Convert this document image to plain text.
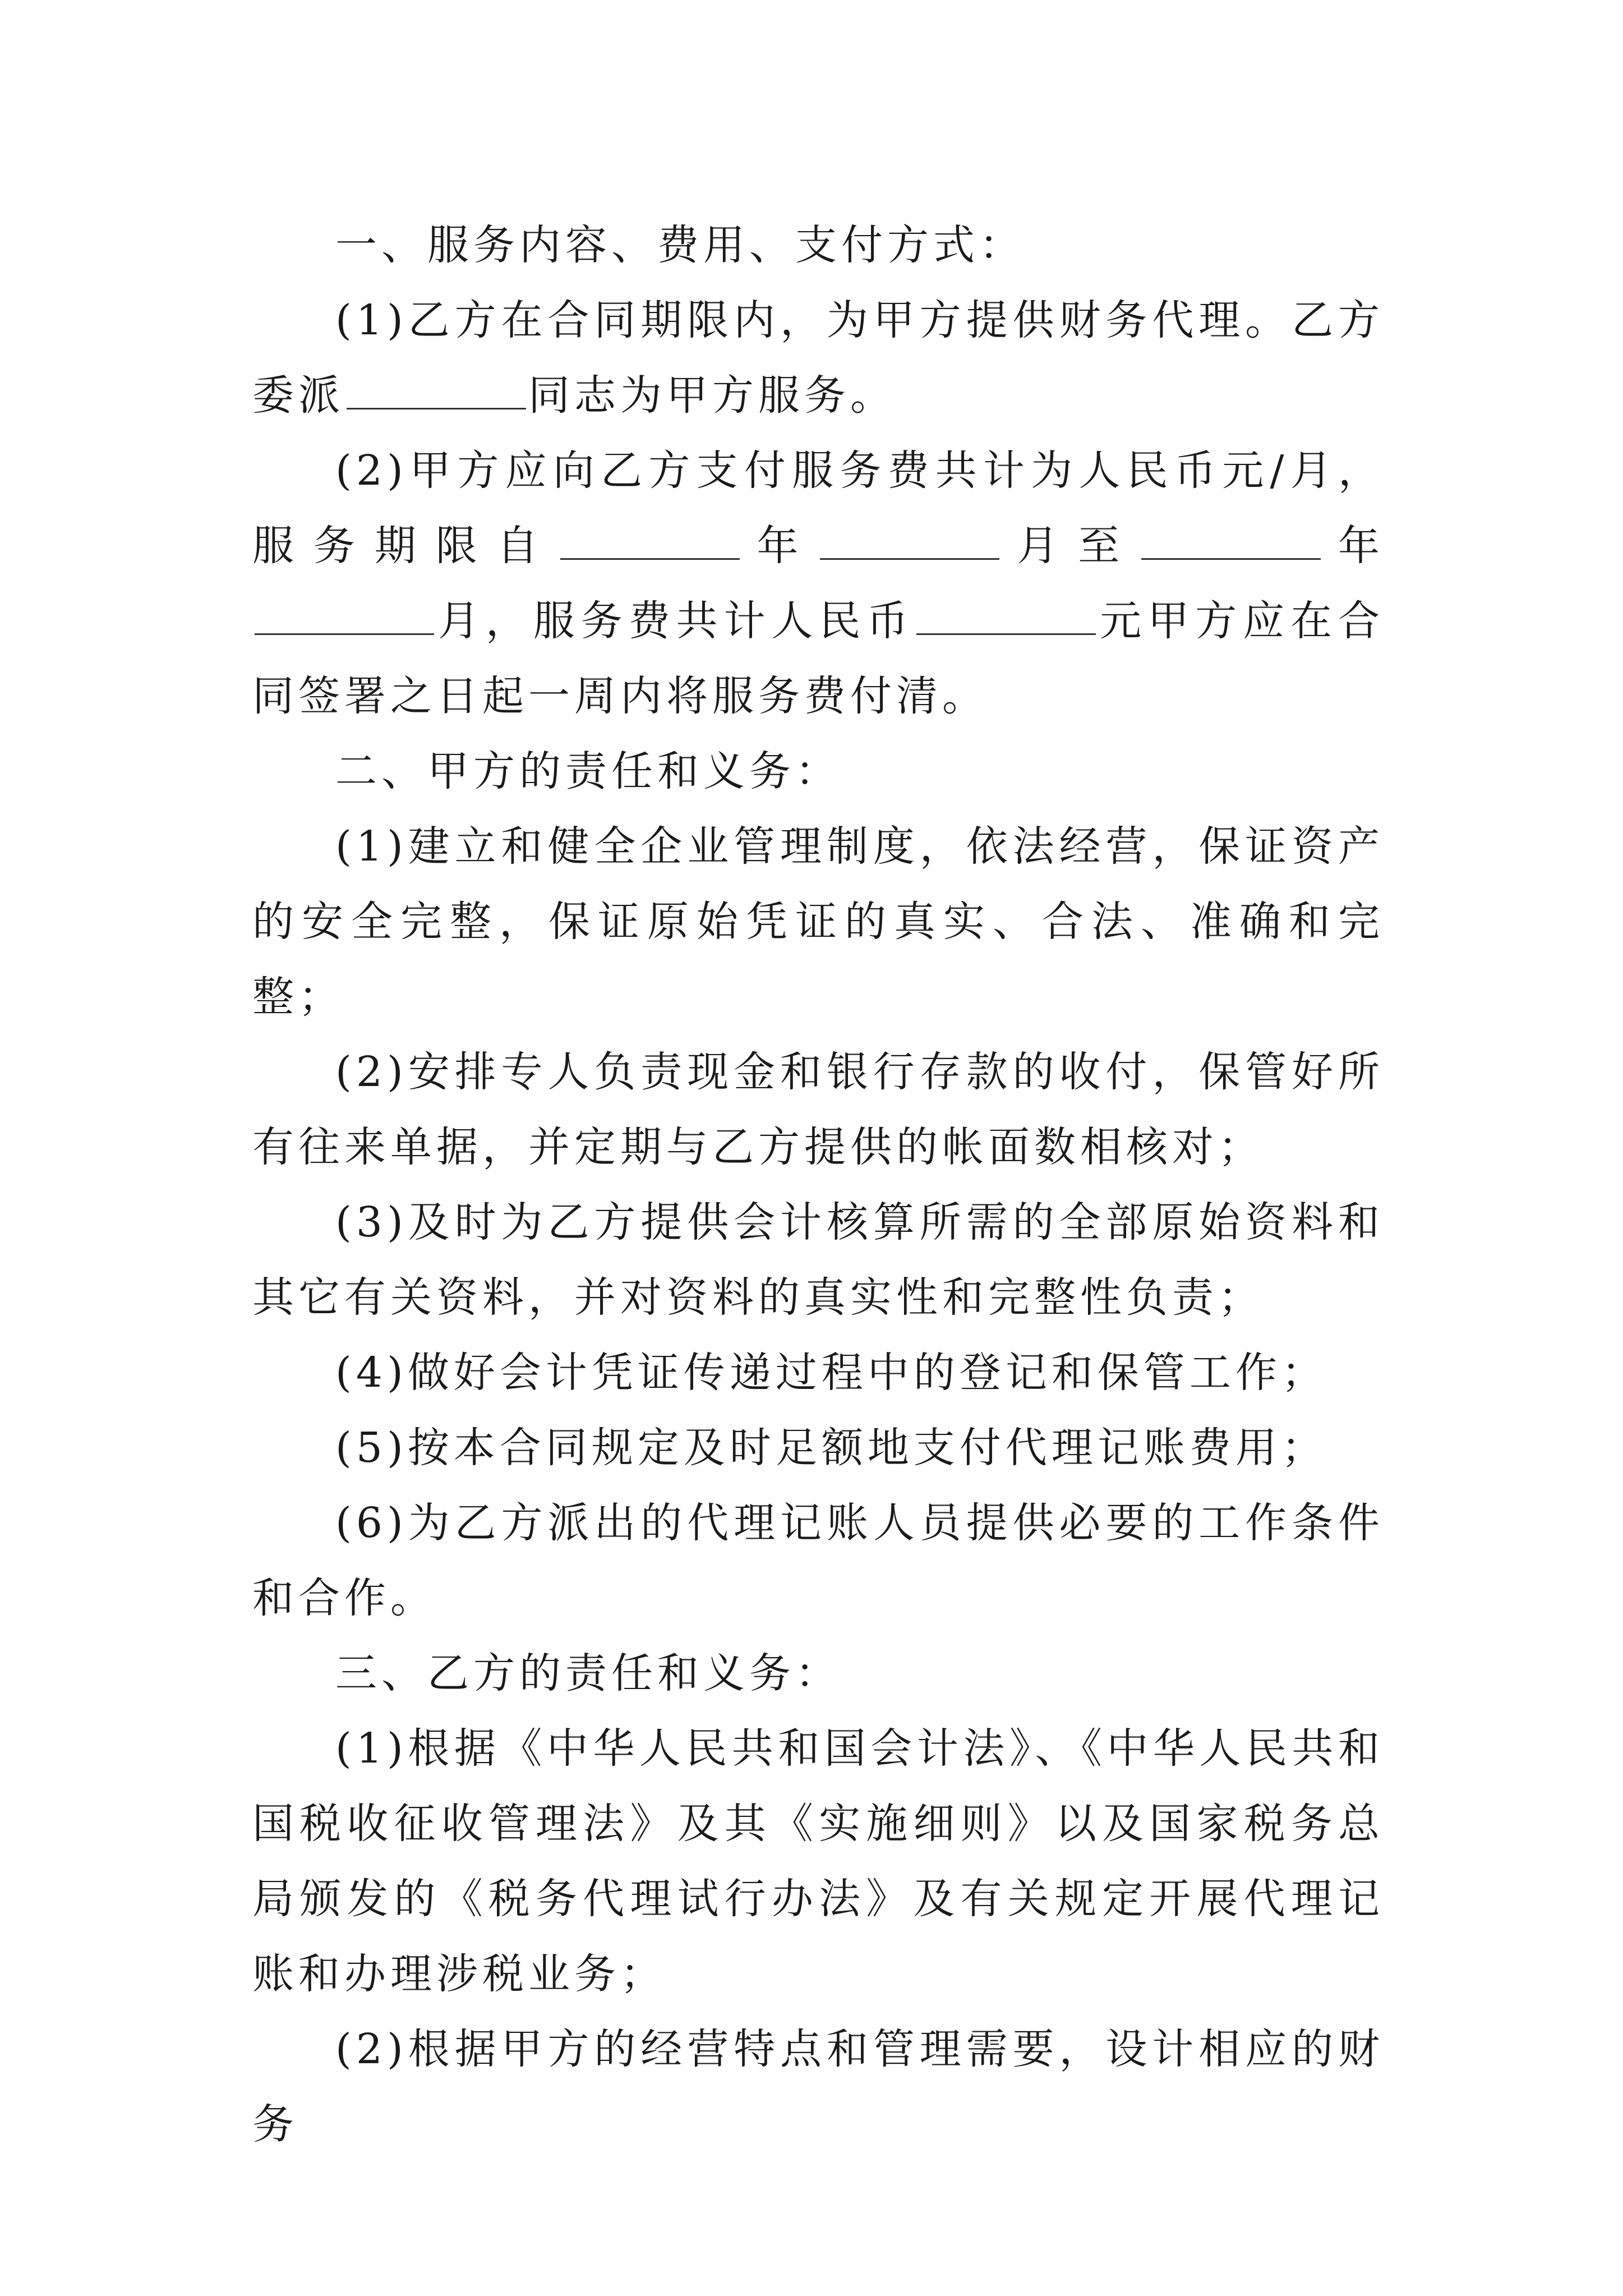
一、服务内容、费用、支付方式：

(1)乙方在合同期限内，为甲方提供财务代理。乙方委派	同志为甲方服务。

(2)甲方应向乙方支付服务费共计为人民币元/月，服务期限自	年	月至	年月，服务费共计人民币	元甲方应在合同签署之日起一周内将服务费付清。

二、甲方的责任和义务：

(1)建立和健全企业管理制度，依法经营，保证资产的安全完整，保证原始凭证的真实、合法、准确和完整；

(2)安排专人负责现金和银行存款的收付，保管好所有往来单据，并定期与乙方提供的帐面数相核对；

(3)及时为乙方提供会计核算所需的全部原始资料和其它有关资料，并对资料的真实性和完整性负责；

(4)做好会计凭证传递过程中的登记和保管工作；

(5)按本合同规定及时足额地支付代理记账费用；

(6)为乙方派出的代理记账人员提供必要的工作条件和合作。

三、乙方的责任和义务：

(1)根据《中华人民共和国会计法》、《中华人民共和国税收征收管理法》及其《实施细则》以及国家税务总局颁发的《税务代理试行办法》及有关规定开展代理记账和办理涉税业务；

(2)根据甲方的经营特点和管理需要，设计相应的财务
